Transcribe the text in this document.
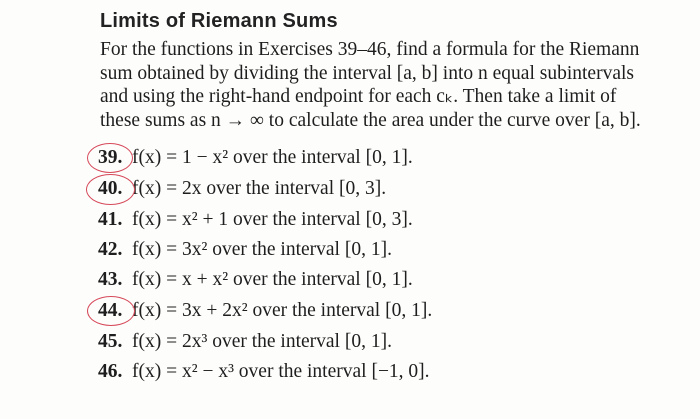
Limits of Riemann Sums
For the functions in Exercises 39–46, find a formula for the Riemann
sum obtained by dividing the interval [a, b] into n equal subintervals
and using the right-hand endpoint for each cₖ. Then take a limit of
these sums as n → ∞ to calculate the area under the curve over [a, b].
39. f(x) = 1 − x² over the interval [0, 1].
40. f(x) = 2x over the interval [0, 3].
41. f(x) = x² + 1 over the interval [0, 3].
42. f(x) = 3x² over the interval [0, 1].
43. f(x) = x + x² over the interval [0, 1].
44. f(x) = 3x + 2x² over the interval [0, 1].
45. f(x) = 2x³ over the interval [0, 1].
46. f(x) = x² − x³ over the interval [−1, 0].
